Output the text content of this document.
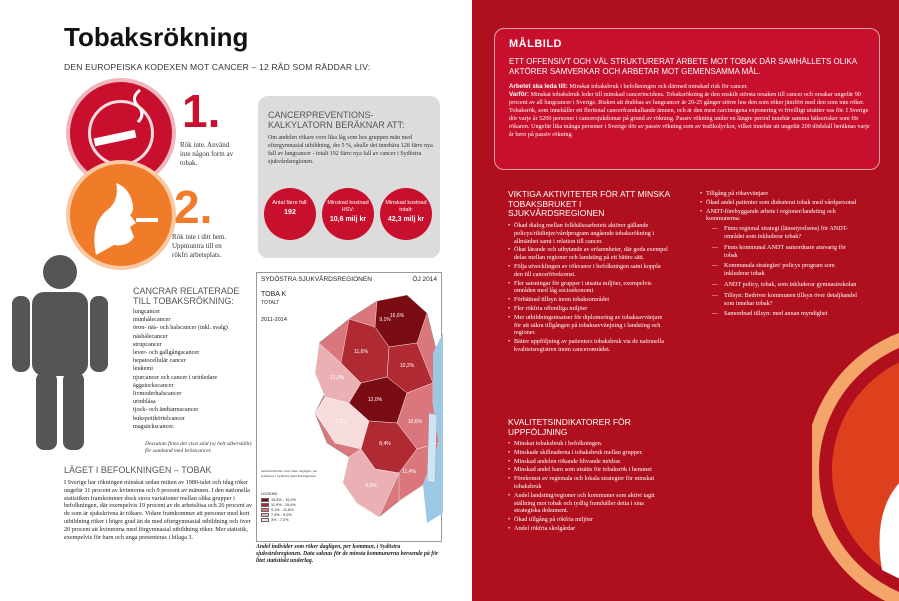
Tobaksrökning
DEN EUROPEISKA KODEXEN MOT CANCER – 12 RÅD SOM RÄDDAR LIV:
1.
Rök inte. Använd inte någon form av tobak.
2.
Rök inte i ditt hem. Uppmuntra till en rökfri arbetsplats.
CANCERPREVENTIONS-KALKYLATORN BERÄKNAR ATT:
Om andelen rökare voro lika låg som hos gruppen män med eftergymnasial utbildning, drs 5 %, skulle det innebära 128 färre nya fall av lungcancer - totalt 192 färre nya fall av cancer i Sydöstra sjukvårdsregionen.
Antal färre fall:
192
Minskad kostnad HSV:
10,6 milj kr
Minskad kostnad totalt:
42,3 milj kr
CANCRAR RELATERADE TILL TOBAKSRÖKNING:
lungcancer
munhålecancer
öron- näs- och halscancer (inkl. svalg)
näshålecancer
strupcancer
lever- och gallgångscancer
hepatocellulär cancer
leukemi
njurcancer och cancer i urinledare
äggstockscancer
livmoderhalscancer
urinblåsa
tjock- och ändtarmscancer
bukspottkörtelcancer
magsäckscancer.
Dessutom finns det visst stöd (ej helt säkerställt) för samband med bröstcancer.
LÄGET I BEFOLKNINGEN – TOBAK
I Sverige har rökningen minskat sedan mitten av 1980-talet och idag röker ungefär 11 procent av kvinnorna och 9 procent av männen. I den nationella statistiken framkommer dock stora variationer mellan olika grupper i befolkningen, där exempelvis 19 procent av de arbetslösa och 26 procent av de som är sjukskrivna är rökare. Vidare framkommer att personer med kort utbildning röker i högre grad än de med eftergymnasial utbildning och över 20 procent att kvinnorna med förgymnasial utbildning röker. Mer statistik, exempelvis för barn och unga presenteras i bilaga 3.
9,1%
10,2%
11,6%
13,0%
7,2%
12,0%
16,6%
10,6%
8,4%
9,6%
11,4%
SYDÖSTRA SJUKVÅRDSREGIONEN	ÖJ 2014
TOBA K
TOTALT
2011-2014
Andel individer som röker dagligen, per kommun, i Sydöstra sjukvårdsregionen
LEGEND
15,5% - 19,2%
11,9% - 15,4%
9,1% - 11,8%
7,3% - 9,0%
3% - 7,2%
Andel individer som röker dagligen, per kommun, i Sydöstra sjukvårdsregionen. Data saknas för de minsta kommunerna beroende på för litet statistiskt underlag.
MÅLBILD
ETT OFFENSIVT OCH VÄL STRUKTURERAT ARBETE MOT TOBAK DÄR SAMHÄLLETS OLIKA AKTÖRER SAMVERKAR OCH ARBETAR MOT GEMENSAMMA MÅL.

Arbetet ska leda till: Minskat tobaksbruk i befolkningen och därmed minskad risk för cancer.

Varför: Minskat tobaksbruk leder till minskad cancerincidens. Tobaksrökning är den enskilt största orsaken till cancer och orsakar ungefär 90 procent av all lungcancer i Sverige. Risken att drabbas av lungcancer är 20-25 gånger större hos den som röker jämfört med den som inte röker. Tobaksrök, som innehåller ett flertiotal cancerframkallande ämnen, och är den mest carcinogena exponering vi frivilligt utsätter oss för. I Sverige dör varje år 5200 personer i cancersjukdomar på grund av rökning. Passiv rökning under en längre period innebär samma hälsorisker som för rökaren. Ungefär lika många personer i Sverige dör av passiv rökning som av trafikolyckor, vilket innebär att ungefär 200 dödsfall beräknas varje år bero på passiv rökning.

VIKTIGA AKTIVITETER FÖR ATT MINSKA TOBAKSBRUKET I SJUKVÅRDSREGIONEN
• Ökad dialog mellan folkhälsoarbetets aktörer gällande policys/riktlinjer/vårdprogram angående tobaksrökning i allmänhet samt i relation till cancer.
• Ökat lärande och utbytande av erfarenheter, där goda exempel delas mellan regioner och landsting på ett bättre sätt.
• Följa utvecklingen av rökvanor i befolkningen samt koppla den till cancerförekomst.
• Fler satsningar för grupper i utsatta miljöer, exempelvis områden med låg socioekonomi
• Förbättrad tillsyn inom tobaksområdet
• Fler rökfria offentliga miljöer
• Mer utbildningsinsatser för diplomering av tobaksavvänjare för att säkra tillgången på tobaksavvänjning i landsting och regioner.
• Bättre uppföljning av patienters tobaksbruk via de nationella kvalitetsregistren inom cancerområdet.
KVALITETSINDIKATORER FÖR UPPFÖLJNING
• Minskat tobaksbruk i befolkningen.
• Minskade skillnaderna i tobaksbruk mellan grupper.
• Minskad andelen rökande blivande mödrar.
• Minskad andel barn som utsätts för tobaksrök i hemmet
• Förekomst av regionala och lokala strategier för minskat tobaksbruk
• Andel landsting/regioner och kommuner som aktivt tagit ställning mot tobak och tydlig framhäller detta i sina strategiska dokument.
• Ökad tillgång på rökfria miljöer
• Andel rökfria skolgårdar
• Tillgång på rökavvänjare
• Ökad andel patienter som diskuterat tobak med vårdpersonal
• ANDT-förebyggande arbete i regioner/landsting och kommunerna:
— Finns regional strategi (länsstyrelsens) för ANDT-området som inkluderar tobak?
— Finns kommunal ANDT samordnare ansvarig för tobak
— Kommunala strategier/ policys program som inkluderar tobak
— ANDT policy, tobak, som inkluderar gymnasieskolan
— Tillsyn: Bedriver kommunen tillsyn över detaljhandel som innehar tobak?
— Samordnad tillsyn: med annan myndighet
